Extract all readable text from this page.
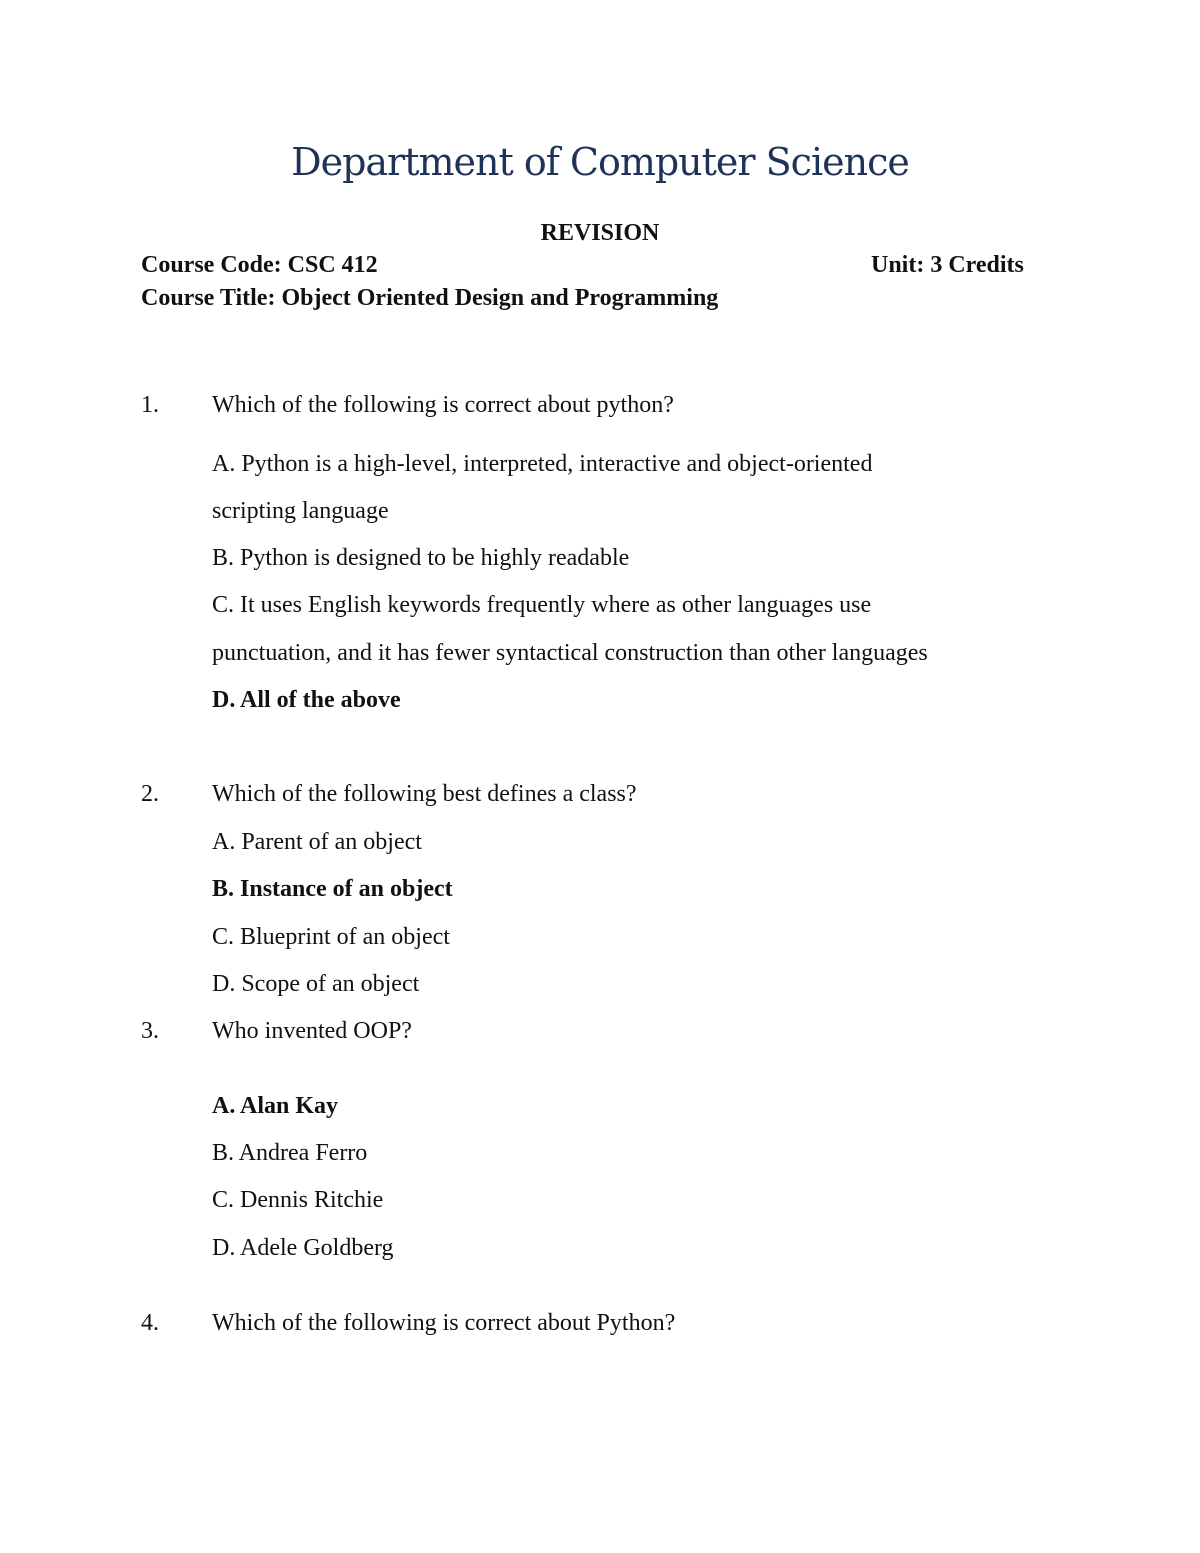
Department of Computer Science
REVISION
Course Code: CSC 412	Unit: 3 Credits
Course Title: Object Oriented Design and Programming
1. Which of the following is correct about python?
A. Python is a high-level, interpreted, interactive and object-oriented
scripting language
B. Python is designed to be highly readable
C. It uses English keywords frequently where as other languages use
punctuation, and it has fewer syntactical construction than other languages
D. All of the above
2. Which of the following best defines a class?
A. Parent of an object
B. Instance of an object
C. Blueprint of an object
D. Scope of an object
3. Who invented OOP?
A. Alan Kay
B. Andrea Ferro
C. Dennis Ritchie
D. Adele Goldberg
4. Which of the following is correct about Python?
